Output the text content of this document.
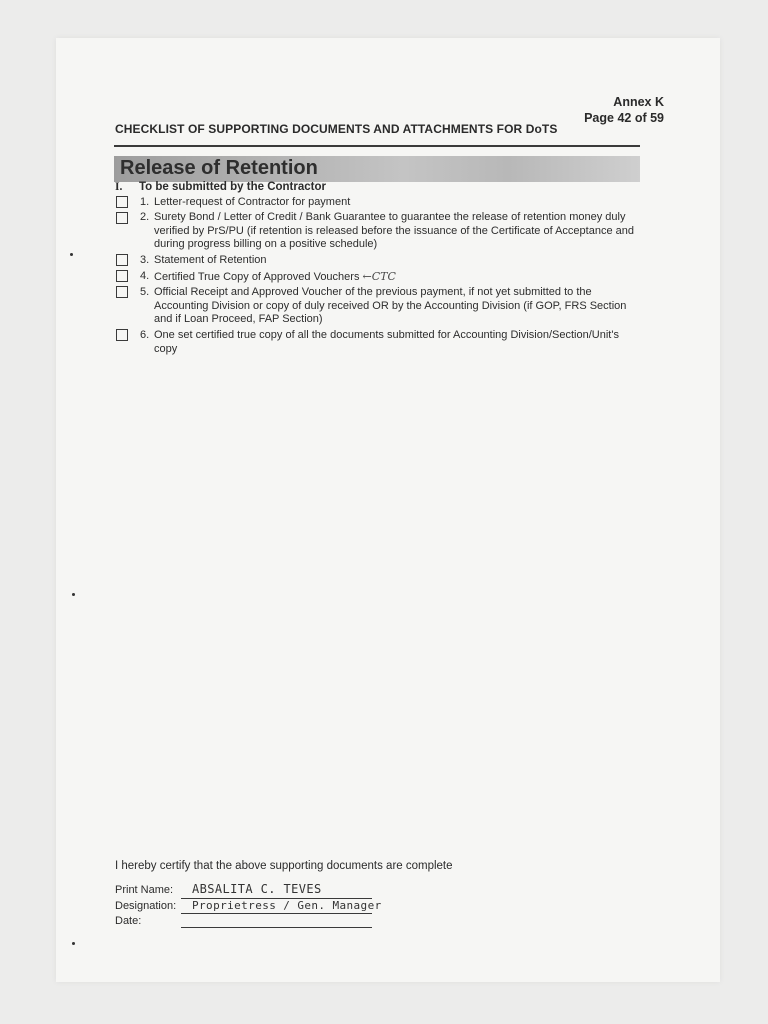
Annex K
Page 42 of 59
CHECKLIST OF SUPPORTING DOCUMENTS AND ATTACHMENTS FOR DoTS
Release of Retention
I. To be submitted by the Contractor
1. Letter-request of Contractor for payment
2. Surety Bond / Letter of Credit / Bank Guarantee to guarantee the release of retention money duly verified by PrS/PU (if retention is released before the issuance of the Certificate of Acceptance and during progress billing on a positive schedule)
3. Statement of Retention
4. Certified True Copy of Approved Vouchers ←CTC
5. Official Receipt and Approved Voucher of the previous payment, if not yet submitted to the Accounting Division or copy of duly received OR by the Accounting Division (if GOP, FRS Section and if Loan Proceed, FAP Section)
6. One set certified true copy of all the documents submitted for Accounting Division/Section/Unit's copy
I hereby certify that the above supporting documents are complete
Print Name:	ABSALITA C. TEVES
Designation:	Proprietress / Gen. Manager
Date:
